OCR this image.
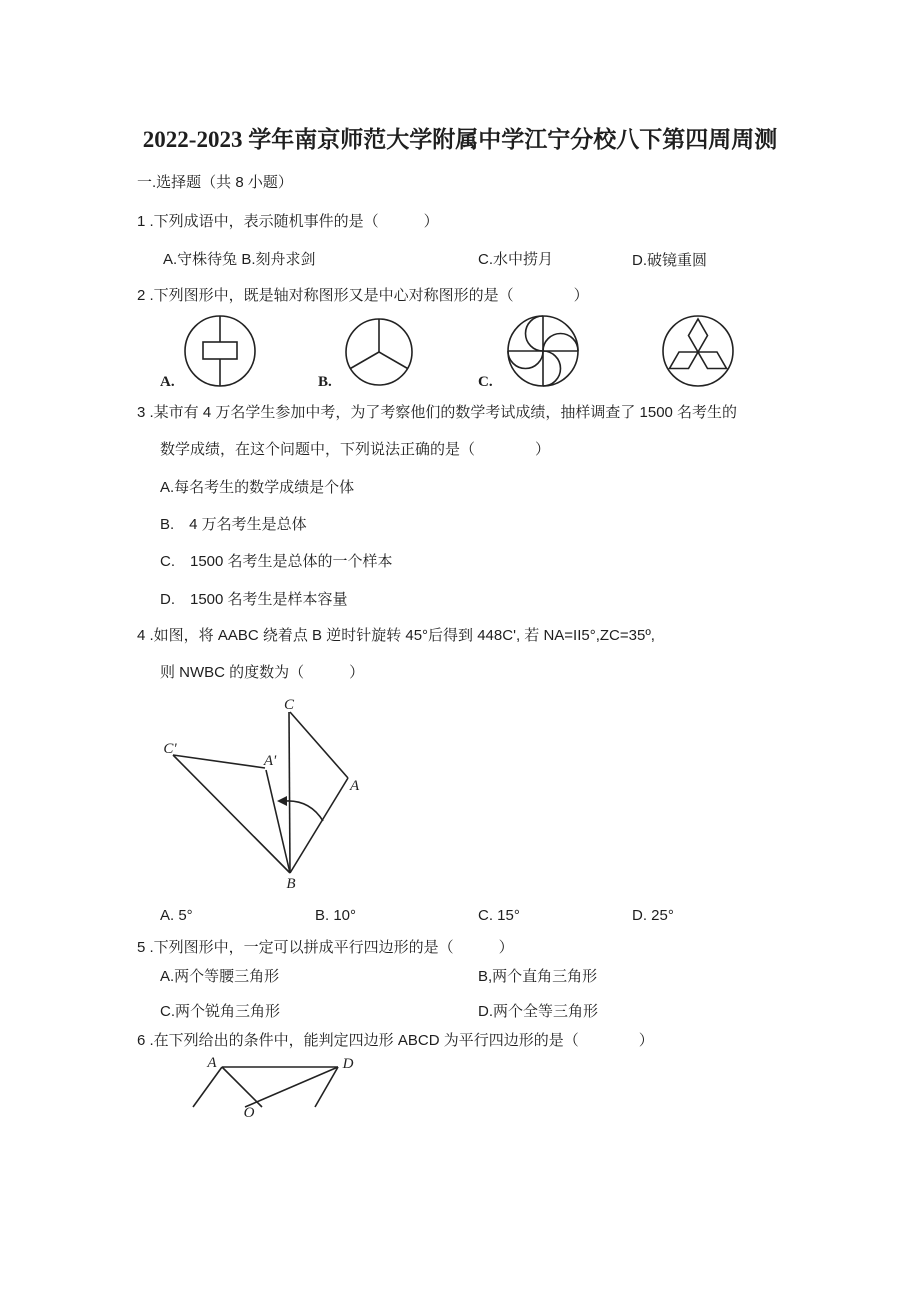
2022-2023 学年南京师范大学附属中学江宁分校八下第四周周测
一.选择题（共 8 小题）
1 .下列成语中，表示随机事件的是（　　　）
A.守株待兔 B.刻舟求剑	C.水中捞月	D.破镜重圆
2 .下列图形中，既是轴对称图形又是中心对称图形的是（　　　　）
A.	B.	C.
3 .某市有 4 万名学生参加中考，为了考察他们的数学考试成绩，抽样调查了 1500 名考生的
数学成绩，在这个问题中，下列说法正确的是（　　　　）
A.每名考生的数学成绩是个体
B.　4 万名考生是总体
C.　1500 名考生是总体的一个样本
D.　1500 名考生是样本容量
4 .如图，将 AABC 绕着点 B 逆时针旋转 45°后得到 448C', 若 NA=II5°,ZC=35º,
则 NWBC 的度数为（　　　）
C
C'
A'
A
B
A. 5°	B. 10°	C. 15°	D. 25°
5 .下列图形中，一定可以拼成平行四边形的是（　　　）
A.两个等腰三角形	B,两个直角三角形
C.两个锐角三角形	D.两个全等三角形
6 .在下列给出的条件中，能判定四边形 ABCD 为平行四边形的是（　　　　）
A	D
O
